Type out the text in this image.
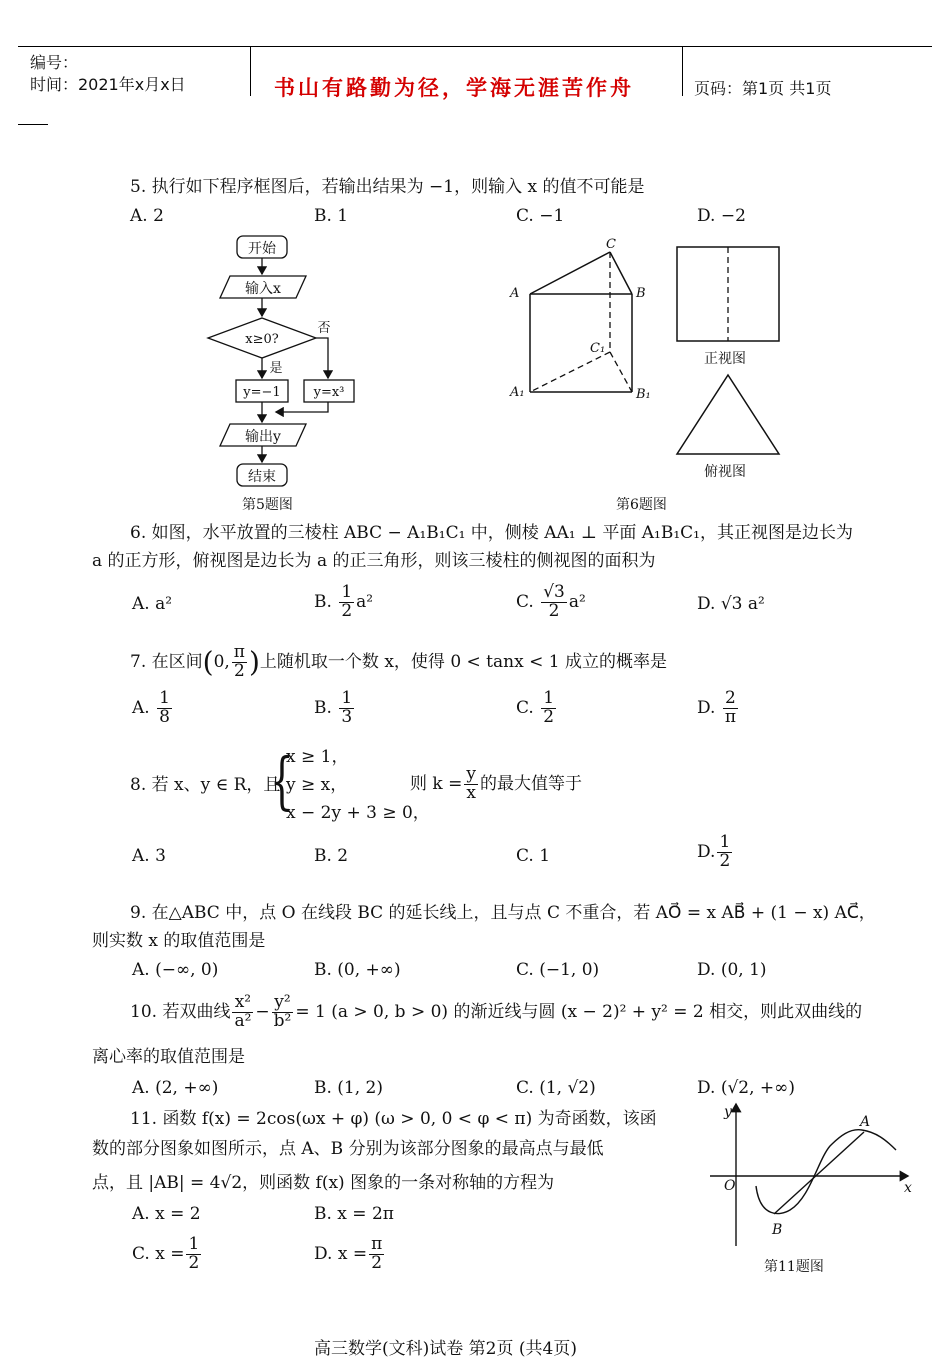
编号：
时间：2021年x月x日	书山有路勤为径，学海无涯苦作舟	页码：第1页 共1页
5. 执行如下程序框图后，若输出结果为 −1，则输入 x 的值不可能是
A. 2	B. 1	C. −1	D. −2
开始
输入x
x≥0?
否
是
y=−1	y=x³
输出y
结束
第5题图
C
A	B
C₁
A₁	B₁
正视图
俯视图
第6题图
6. 如图，水平放置的三棱柱 ABC − A₁B₁C₁ 中，侧棱 AA₁ ⊥ 平面 A₁B₁C₁，其正视图是边长为
a 的正方形，俯视图是边长为 a 的正三角形，则该三棱柱的侧视图的面积为
A. a²	B. $\frac{1}{2} a^2$	C. $\frac{√3}{2} a^2$	D. √3 a²
7. 在区间(0, $\frac{\pi}{2}$ )上随机取一个数 x，使得 0 < tanx < 1 成立的概率是
A. $\frac{1}{8}$	B. $\frac{1}{3}$	C. $\frac{1}{2}$	D. $\frac{2}{\pi}$
8. 若 x、y ∈ R，且
{
x ≥ 1，
y ≥ x，
x − 2y + 3 ≥ 0，
则 $k = \frac{y}{x}$ 的最大值等于
A. 3	B. 2	C. 1	D. $\frac{1}{2}$
9. 在△ABC 中，点 O 在线段 BC 的延长线上，且与点 C 不重合，若 AO⃗ = x AB⃗ + (1 − x) AC⃗，
则实数 x 的取值范围是
A. (−∞, 0)	B. (0, +∞)	C. (−1, 0)	D. (0, 1)
10. 若双曲线 $\frac{\text{x²}}{\text{a²}} - \frac{\text{y²}}{\text{b²}} = 1$ (a > 0, b > 0) 的渐近线与圆 (x − 2)² + y² = 2 相交，则此双曲线的
离心率的取值范围是
A. (2, +∞)	B. (1, 2)	C. (1, √2)	D. (√2, +∞)
11. 函数 f(x) = 2cos(ωx + φ) (ω > 0, 0 < φ < π) 为奇函数，该函
数的部分图象如图所示，点 A、B 分别为该部分图象的最高点与最低
点，且 |AB| = 4√2，则函数 f(x) 图象的一条对称轴的方程为
A. x = 2	B. x = 2π
C. $x = \frac{1}{2}$	D. $x = \frac{\pi}{2}$
y
x
O
A
B
第11题图
高三数学(文科)试卷 第2页 (共4页)
